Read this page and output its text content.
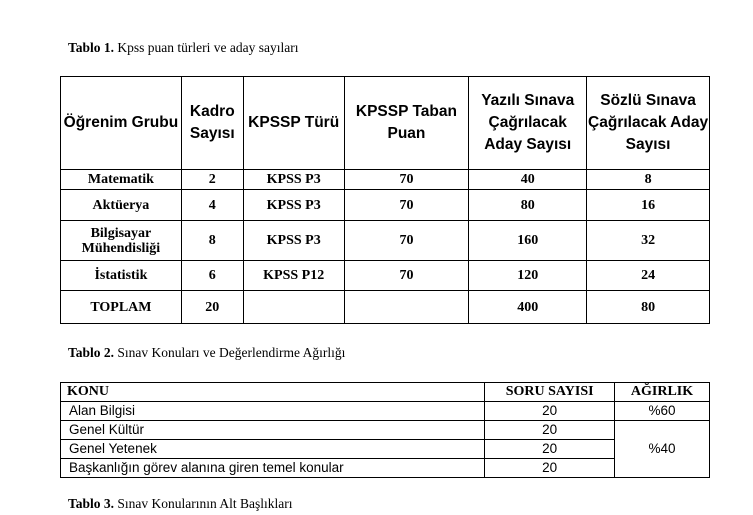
Tablo 1. Kpss puan türleri ve aday sayıları
Öğrenim Grubu	Kadro Sayısı	KPSSP Türü	KPSSP Taban Puan	Yazılı Sınava Çağrılacak Aday Sayısı	Sözlü Sınava Çağrılacak Aday Sayısı
Matematik	2	KPSS P3	70	40	8
Aktüerya	4	KPSS P3	70	80	16
Bilgisayar Mühendisliği	8	KPSS P3	70	160	32
İstatistik	6	KPSS P12	70	120	24
TOPLAM	20			400	80
Tablo 2. Sınav Konuları ve Değerlendirme Ağırlığı
KONU	SORU SAYISI	AĞIRLIK
Alan Bilgisi	20	%60
Genel Kültür	20	%40
Genel Yetenek	20	
Başkanlığın görev alanına giren temel konular	20	
Tablo 3. Sınav Konularının Alt Başlıkları
